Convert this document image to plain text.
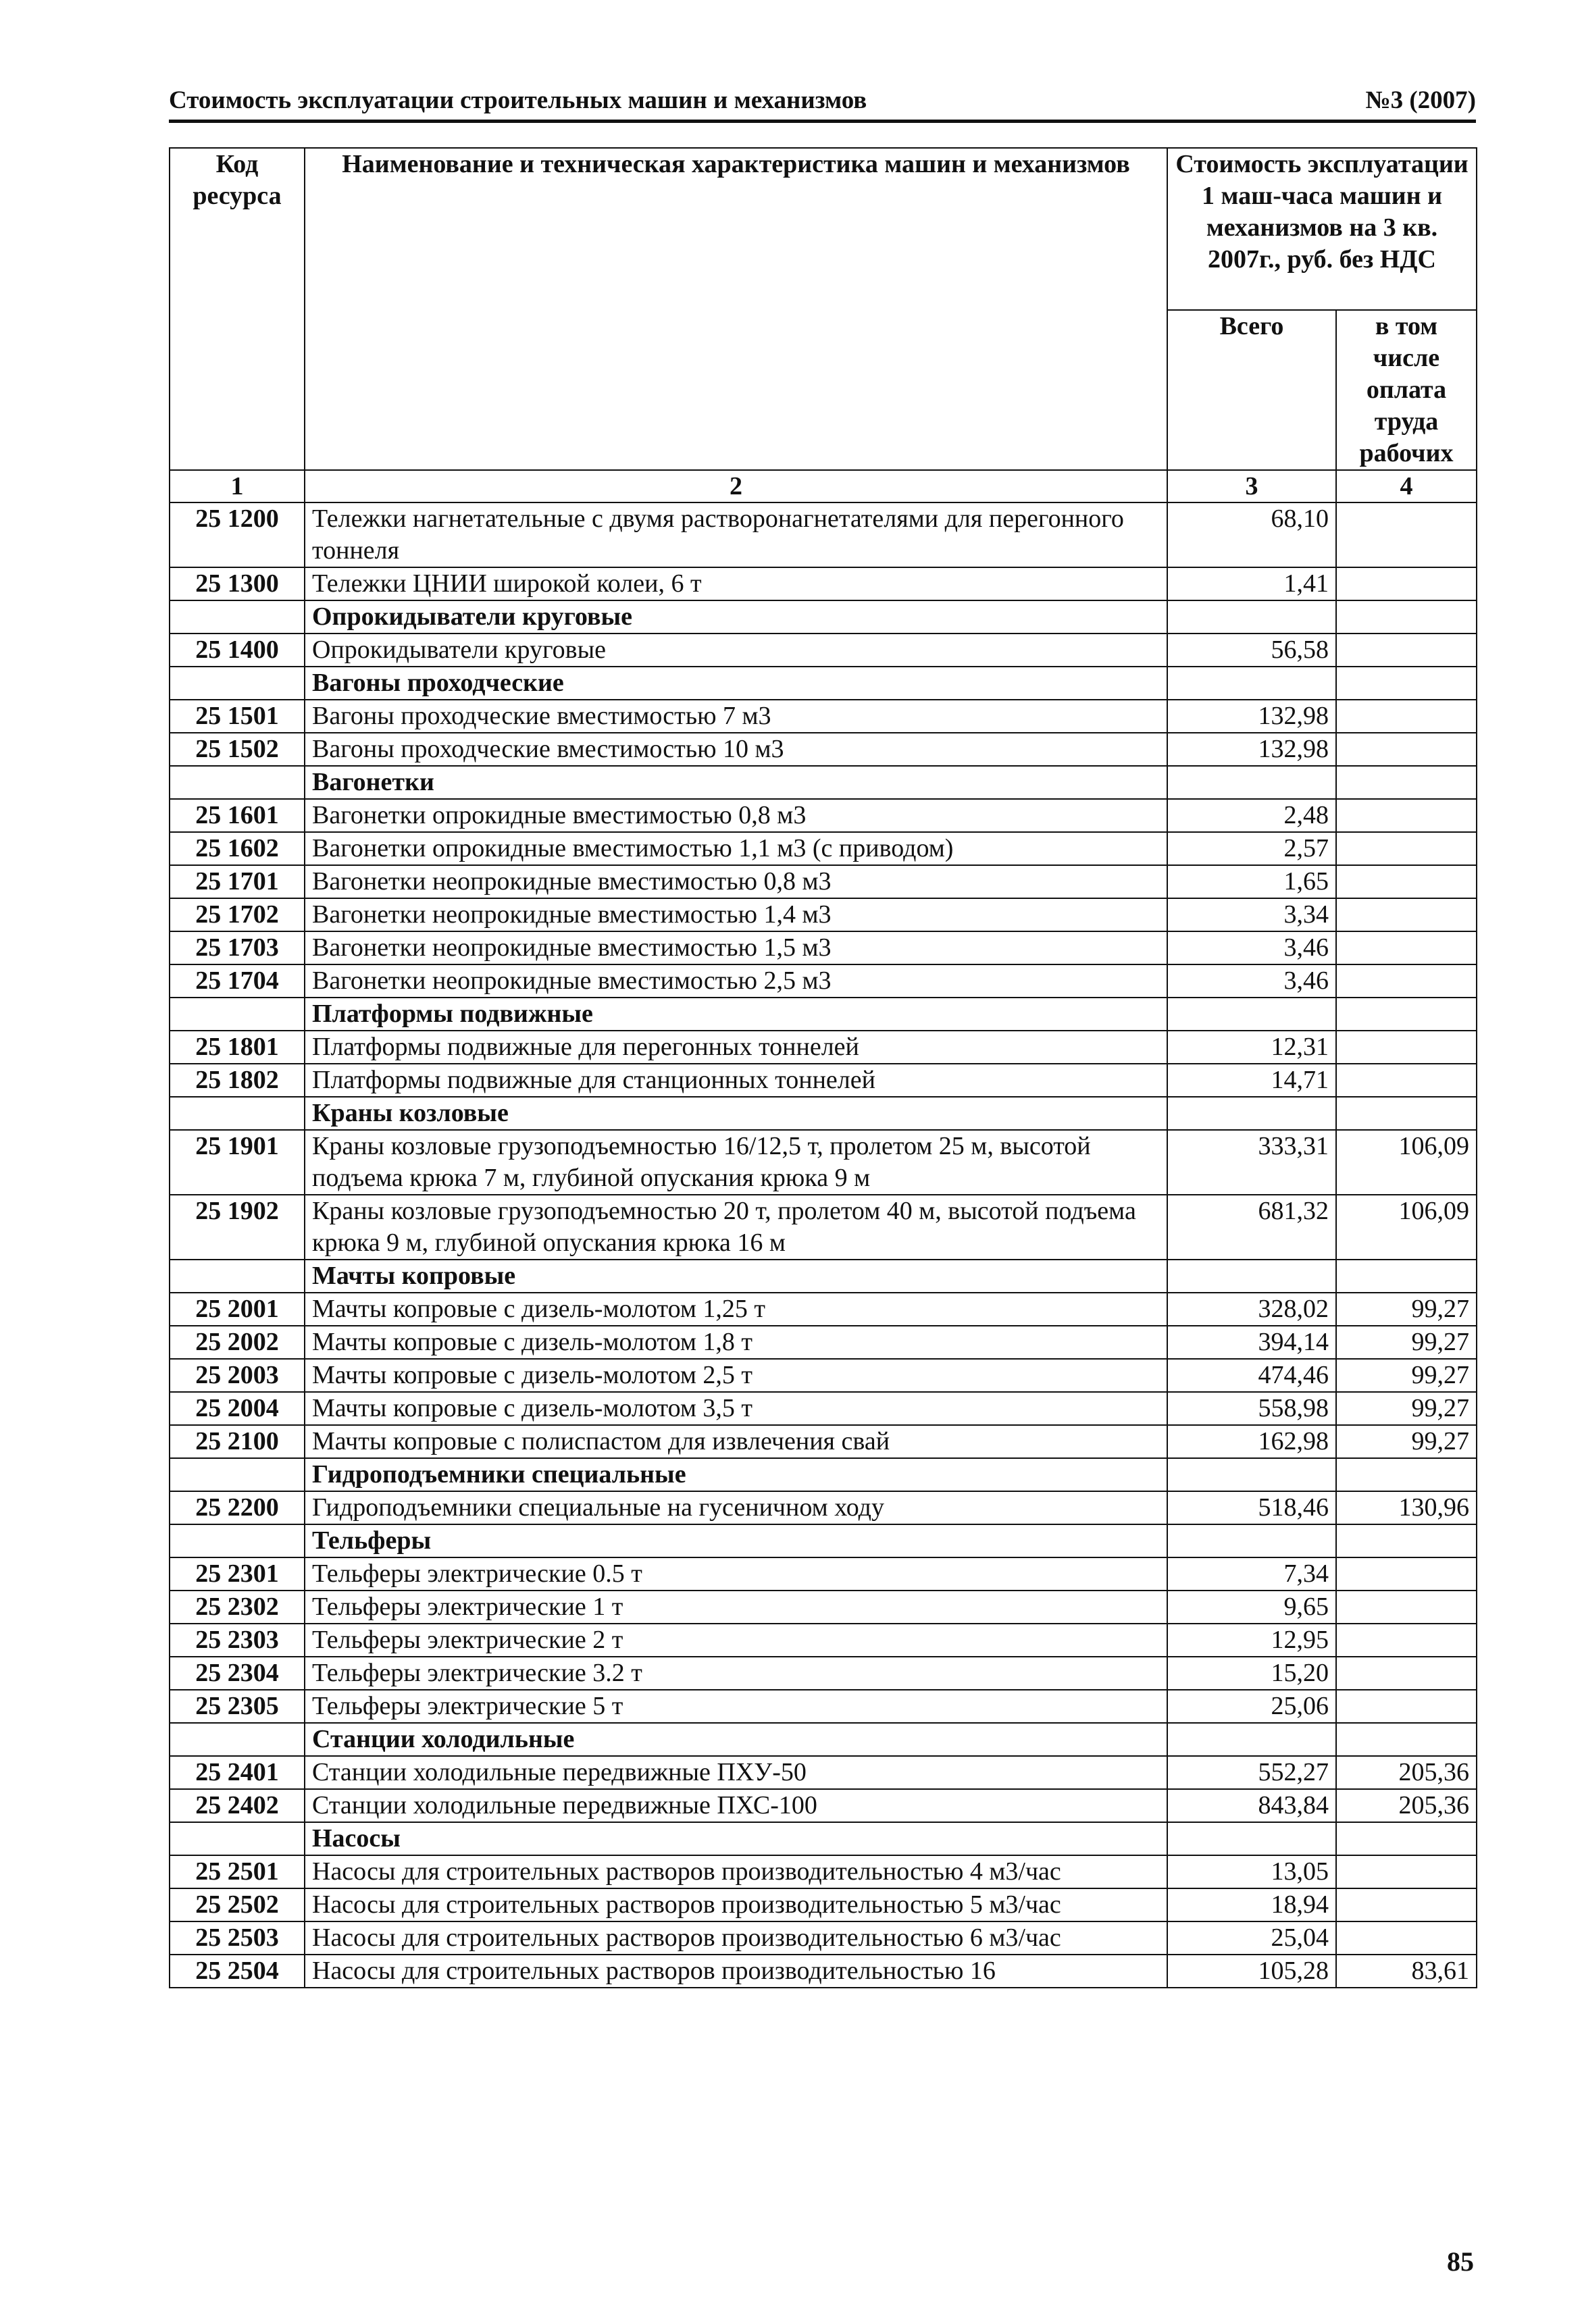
Стоимость эксплуатации строительных машин и механизмов	№3 (2007)
Код ресурса	Наименование и техническая характеристика машин и механизмов	Стоимость эксплуатации 1 маш-часа машин и механизмов на 3 кв. 2007г., руб. без НДС	
		Всего	в том числе оплата труда рабочих
1	2	3	4
25 1200	Тележки нагнетательные с двумя растворонагнетателями для перегонного тоннеля	68,10	
25 1300	Тележки ЦНИИ широкой колеи, 6 т	1,41	
	Опрокидыватели круговые		
25 1400	Опрокидыватели круговые	56,58	
	Вагоны проходческие		
25 1501	Вагоны проходческие вместимостью 7 м3	132,98	
25 1502	Вагоны проходческие вместимостью 10 м3	132,98	
	Вагонетки		
25 1601	Вагонетки опрокидные вместимостью 0,8 м3	2,48	
25 1602	Вагонетки опрокидные вместимостью 1,1 м3 (с приводом)	2,57	
25 1701	Вагонетки неопрокидные вместимостью 0,8 м3	1,65	
25 1702	Вагонетки неопрокидные вместимостью 1,4 м3	3,34	
25 1703	Вагонетки неопрокидные вместимостью 1,5 м3	3,46	
25 1704	Вагонетки неопрокидные вместимостью 2,5 м3	3,46	
	Платформы подвижные		
25 1801	Платформы подвижные для перегонных тоннелей	12,31	
25 1802	Платформы подвижные для станционных тоннелей	14,71	
	Краны козловые		
25 1901	Краны козловые грузоподъемностью 16/12,5 т, пролетом 25 м, высотой подъема крюка 7 м, глубиной опускания крюка 9 м	333,31	106,09
25 1902	Краны козловые грузоподъемностью 20 т, пролетом 40 м, высотой подъема крюка 9 м, глубиной опускания крюка 16 м	681,32	106,09
	Мачты копровые		
25 2001	Мачты копровые с дизель-молотом 1,25 т	328,02	99,27
25 2002	Мачты копровые с дизель-молотом 1,8 т	394,14	99,27
25 2003	Мачты копровые с дизель-молотом 2,5 т	474,46	99,27
25 2004	Мачты копровые с дизель-молотом 3,5 т	558,98	99,27
25 2100	Мачты копровые с полиспастом для извлечения свай	162,98	99,27
	Гидроподъемники специальные		
25 2200	Гидроподъемники специальные на гусеничном ходу	518,46	130,96
	Тельферы		
25 2301	Тельферы электрические 0.5 т	7,34	
25 2302	Тельферы электрические 1 т	9,65	
25 2303	Тельферы электрические 2 т	12,95	
25 2304	Тельферы электрические 3.2 т	15,20	
25 2305	Тельферы электрические 5 т	25,06	
	Станции холодильные		
25 2401	Станции холодильные передвижные ПХУ-50	552,27	205,36
25 2402	Станции холодильные передвижные ПХС-100	843,84	205,36
	Насосы		
25 2501	Насосы для строительных растворов производительностью 4 м3/час	13,05	
25 2502	Насосы для строительных растворов производительностью 5 м3/час	18,94	
25 2503	Насосы для строительных растворов производительностью 6 м3/час	25,04	
25 2504	Насосы для строительных растворов производительностью 16	105,28	83,61
85
